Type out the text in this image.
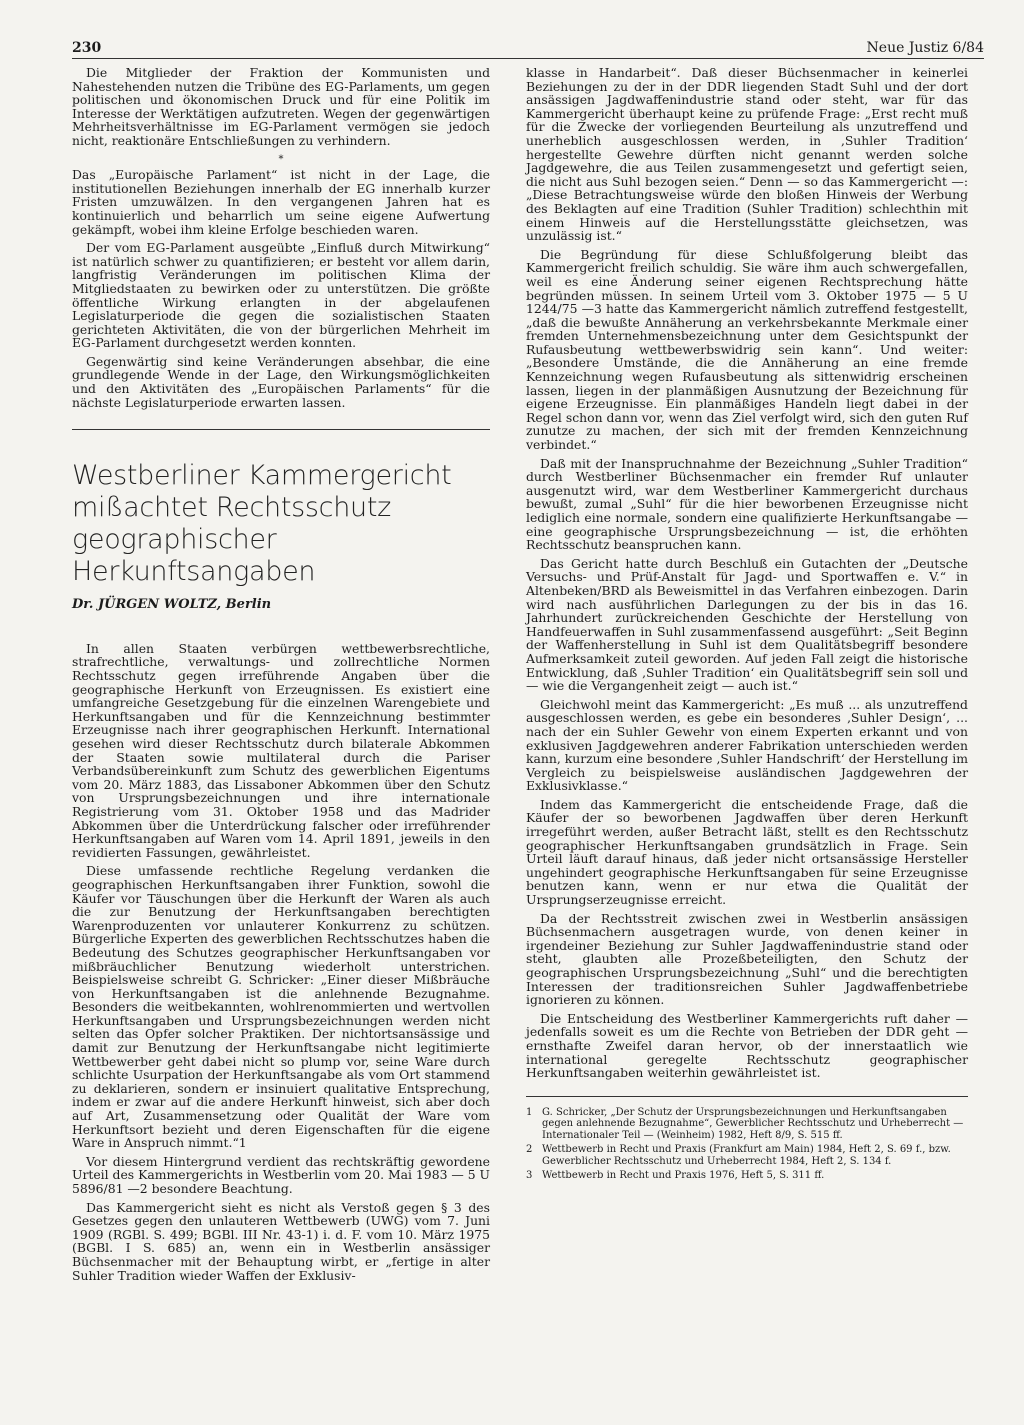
230	Neue Justiz 6/84

Die Mitglieder der Fraktion der Kommunisten und Nahestehenden nutzen die Tribüne des EG-Parlaments, um gegen politischen und ökonomischen Druck und für eine Politik im Interesse der Werktätigen aufzutreten. Wegen der gegenwärtigen Mehrheitsverhältnisse im EG-Parlament vermögen sie jedoch nicht, reaktionäre Entschließungen zu verhindern.

*

Das „Europäische Parlament“ ist nicht in der Lage, die institutionellen Beziehungen innerhalb der EG innerhalb kurzer Fristen umzuwälzen. In den vergangenen Jahren hat es kontinuierlich und beharrlich um seine eigene Aufwertung gekämpft, wobei ihm kleine Erfolge beschieden waren.

Der vom EG-Parlament ausgeübte „Einfluß durch Mitwirkung“ ist natürlich schwer zu quantifizieren; er besteht vor allem darin, langfristig Veränderungen im politischen Klima der Mitgliedstaaten zu bewirken oder zu unterstützen. Die größte öffentliche Wirkung erlangten in der abgelaufenen Legislaturperiode die gegen die sozialistischen Staaten gerichteten Aktivitäten, die von der bürgerlichen Mehrheit im EG-Parlament durchgesetzt werden konnten.

Gegenwärtig sind keine Veränderungen absehbar, die eine grundlegende Wende in der Lage, den Wirkungsmöglichkeiten und den Aktivitäten des „Europäischen Parlaments“ für die nächste Legislaturperiode erwarten lassen.

Westberliner Kammergericht
mißachtet Rechtsschutz
geographischer Herkunftsangaben
Dr. JÜRGEN WOLTZ, Berlin

In allen Staaten verbürgen wettbewerbsrechtliche, strafrechtliche, verwaltungs- und zollrechtliche Normen Rechtsschutz gegen irreführende Angaben über die geographische Herkunft von Erzeugnissen. Es existiert eine umfangreiche Gesetzgebung für die einzelnen Warengebiete und Herkunftsangaben und für die Kennzeichnung bestimmter Erzeugnisse nach ihrer geographischen Herkunft. International gesehen wird dieser Rechtsschutz durch bilaterale Abkommen der Staaten sowie multilateral durch die Pariser Verbandsübereinkunft zum Schutz des gewerblichen Eigentums vom 20. März 1883, das Lissaboner Abkommen über den Schutz von Ursprungsbezeichnungen und ihre internationale Registrierung vom 31. Oktober 1958 und das Madrider Abkommen über die Unterdrückung falscher oder irreführender Herkunftsangaben auf Waren vom 14. April 1891, jeweils in den revidierten Fassungen, gewährleistet.

Diese umfassende rechtliche Regelung verdanken die geographischen Herkunftsangaben ihrer Funktion, sowohl die Käufer vor Täuschungen über die Herkunft der Waren als auch die zur Benutzung der Herkunftsangaben berechtigten Warenproduzenten vor unlauterer Konkurrenz zu schützen. Bürgerliche Experten des gewerblichen Rechtsschutzes haben die Bedeutung des Schutzes geographischer Herkunftsangaben vor mißbräuchlicher Benutzung wiederholt unterstrichen. Beispielsweise schreibt G. Schricker: „Einer dieser Mißbräuche von Herkunftsangaben ist die anlehnende Bezugnahme. Besonders die weitbekannten, wohlrenommierten und wertvollen Herkunftsangaben und Ursprungsbezeichnungen werden nicht selten das Opfer solcher Praktiken. Der nichtortsansässige und damit zur Benutzung der Herkunftsangabe nicht legitimierte Wettbewerber geht dabei nicht so plump vor, seine Ware durch schlichte Usurpation der Herkunftsangabe als vom Ort stammend zu deklarieren, sondern er insinuiert qualitative Entsprechung, indem er zwar auf die andere Herkunft hinweist, sich aber doch auf Art, Zusammensetzung oder Qualität der Ware vom Herkunftsort bezieht und deren Eigenschaften für die eigene Ware in Anspruch nimmt.“1

Vor diesem Hintergrund verdient das rechtskräftig gewordene Urteil des Kammergerichts in Westberlin vom 20. Mai 1983 — 5 U 5896/81 —2 besondere Beachtung.

Das Kammergericht sieht es nicht als Verstoß gegen § 3 des Gesetzes gegen den unlauteren Wettbewerb (UWG) vom 7. Juni 1909 (RGBl. S. 499; BGBl. III Nr. 43-1) i. d. F. vom 10. März 1975 (BGBl. I S. 685) an, wenn ein in Westberlin ansässiger Büchsenmacher mit der Behauptung wirbt, er „fertige in alter Suhler Tradition wieder Waffen der Exklusiv-

klasse in Handarbeit“. Daß dieser Büchsenmacher in keinerlei Beziehungen zu der in der DDR liegenden Stadt Suhl und der dort ansässigen Jagdwaffenindustrie stand oder steht, war für das Kammergericht überhaupt keine zu prüfende Frage: „Erst recht muß für die Zwecke der vorliegenden Beurteilung als unzutreffend und unerheblich ausgeschlossen werden, in ‚Suhler Tradition‘ hergestellte Gewehre dürften nicht genannt werden solche Jagdgewehre, die aus Teilen zusammengesetzt und gefertigt seien, die nicht aus Suhl bezogen seien.“ Denn — so das Kammergericht —: „Diese Betrachtungsweise würde den bloßen Hinweis der Werbung des Beklagten auf eine Tradition (Suhler Tradition) schlechthin mit einem Hinweis auf die Herstellungsstätte gleichsetzen, was unzulässig ist.“

Die Begründung für diese Schlußfolgerung bleibt das Kammergericht freilich schuldig. Sie wäre ihm auch schwergefallen, weil es eine Änderung seiner eigenen Rechtsprechung hätte begründen müssen. In seinem Urteil vom 3. Oktober 1975 — 5 U 1244/75 —3 hatte das Kammergericht nämlich zutreffend festgestellt, „daß die bewußte Annäherung an verkehrsbekannte Merkmale einer fremden Unternehmensbezeichnung unter dem Gesichtspunkt der Rufausbeutung wettbewerbswidrig sein kann“. Und weiter: „Besondere Umstände, die die Annäherung an eine fremde Kennzeichnung wegen Rufausbeutung als sittenwidrig erscheinen lassen, liegen in der planmäßigen Ausnutzung der Bezeichnung für eigene Erzeugnisse. Ein planmäßiges Handeln liegt dabei in der Regel schon dann vor, wenn das Ziel verfolgt wird, sich den guten Ruf zunutze zu machen, der sich mit der fremden Kennzeichnung verbindet.“

Daß mit der Inanspruchnahme der Bezeichnung „Suhler Tradition“ durch Westberliner Büchsenmacher ein fremder Ruf unlauter ausgenutzt wird, war dem Westberliner Kammergericht durchaus bewußt, zumal „Suhl“ für die hier beworbenen Erzeugnisse nicht lediglich eine normale, sondern eine qualifizierte Herkunftsangabe — eine geographische Ursprungsbezeichnung — ist, die erhöhten Rechtsschutz beanspruchen kann.

Das Gericht hatte durch Beschluß ein Gutachten der „Deutsche Versuchs- und Prüf-Anstalt für Jagd- und Sportwaffen e. V.“ in Altenbeken/BRD als Beweismittel in das Verfahren einbezogen. Darin wird nach ausführlichen Darlegungen zu der bis in das 16. Jahrhundert zurückreichenden Geschichte der Herstellung von Handfeuerwaffen in Suhl zusammenfassend ausgeführt: „Seit Beginn der Waffenherstellung in Suhl ist dem Qualitätsbegriff besondere Aufmerksamkeit zuteil geworden. Auf jeden Fall zeigt die historische Entwicklung, daß ‚Suhler Tradition‘ ein Qualitätsbegriff sein soll und — wie die Vergangenheit zeigt — auch ist.“

Gleichwohl meint das Kammergericht: „Es muß ... als unzutreffend ausgeschlossen werden, es gebe ein besonderes ‚Suhler Design‘, ... nach der ein Suhler Gewehr von einem Experten erkannt und von exklusiven Jagdgewehren anderer Fabrikation unterschieden werden kann, kurzum eine besondere ‚Suhler Handschrift‘ der Herstellung im Vergleich zu beispielsweise ausländischen Jagdgewehren der Exklusivklasse.“

Indem das Kammergericht die entscheidende Frage, daß die Käufer der so beworbenen Jagdwaffen über deren Herkunft irregeführt werden, außer Betracht läßt, stellt es den Rechtsschutz geographischer Herkunftsangaben grundsätzlich in Frage. Sein Urteil läuft darauf hinaus, daß jeder nicht ortsansässige Hersteller ungehindert geographische Herkunftsangaben für seine Erzeugnisse benutzen kann, wenn er nur etwa die Qualität der Ursprungserzeugnisse erreicht.

Da der Rechtsstreit zwischen zwei in Westberlin ansässigen Büchsenmachern ausgetragen wurde, von denen keiner in irgendeiner Beziehung zur Suhler Jagdwaffenindustrie stand oder steht, glaubten alle Prozeßbeteiligten, den Schutz der geographischen Ursprungsbezeichnung „Suhl“ und die berechtigten Interessen der traditionsreichen Suhler Jagdwaffenbetriebe ignorieren zu können.

Die Entscheidung des Westberliner Kammergerichts ruft daher — jedenfalls soweit es um die Rechte von Betrieben der DDR geht — ernsthafte Zweifel daran hervor, ob der innerstaatlich wie international geregelte Rechtsschutz geographischer Herkunftsangaben weiterhin gewährleistet ist.

1 G. Schricker, „Der Schutz der Ursprungsbezeichnungen und Herkunftsangaben gegen anlehnende Bezugnahme“, Gewerblicher Rechtsschutz und Urheberrecht — Internationaler Teil — (Weinheim) 1982, Heft 8/9, S. 515 ff.
2 Wettbewerb in Recht und Praxis (Frankfurt am Main) 1984, Heft 2, S. 69 f., bzw. Gewerblicher Rechtsschutz und Urheberrecht 1984, Heft 2, S. 134 f.
3 Wettbewerb in Recht und Praxis 1976, Heft 5, S. 311 ff.
